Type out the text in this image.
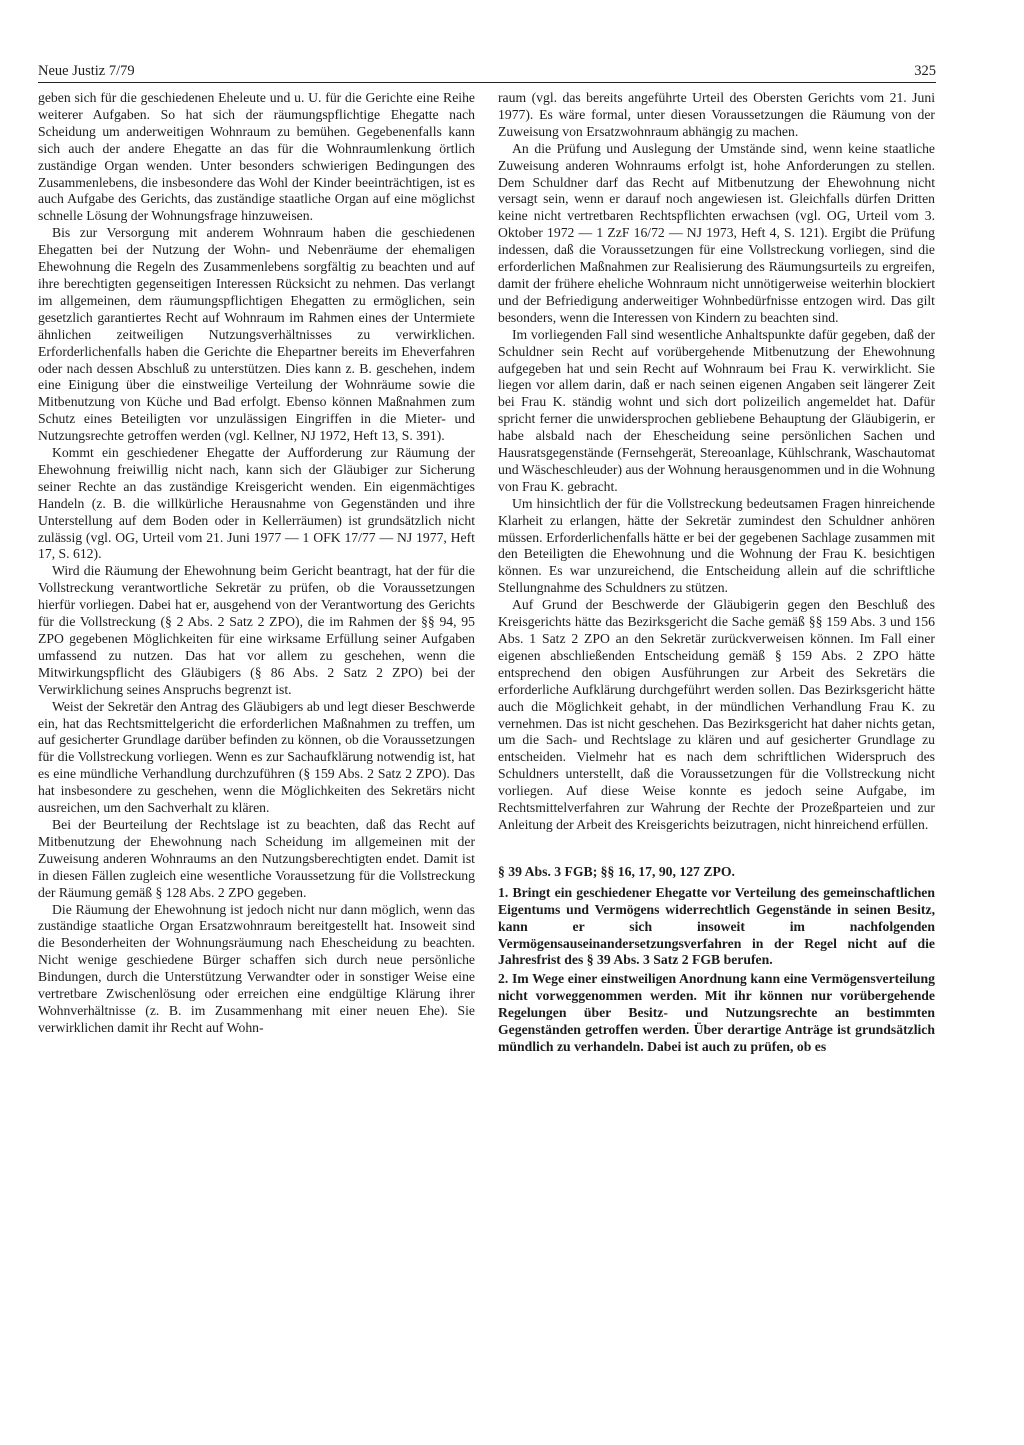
Neue Justiz 7/79	325

geben sich für die geschiedenen Eheleute und u. U. für die Gerichte eine Reihe weiterer Aufgaben. So hat sich der räumungspflichtige Ehegatte nach Scheidung um anderweitigen Wohnraum zu bemühen. Gegebenenfalls kann sich auch der andere Ehegatte an das für die Wohnraumlenkung örtlich zuständige Organ wenden. Unter besonders schwierigen Bedingungen des Zusammenlebens, die insbesondere das Wohl der Kinder beeinträchtigen, ist es auch Aufgabe des Gerichts, das zuständige staatliche Organ auf eine möglichst schnelle Lösung der Wohnungsfrage hinzuweisen.

Bis zur Versorgung mit anderem Wohnraum haben die geschiedenen Ehegatten bei der Nutzung der Wohn- und Nebenräume der ehemaligen Ehewohnung die Regeln des Zusammenlebens sorgfältig zu beachten und auf ihre berechtigten gegenseitigen Interessen Rücksicht zu nehmen. Das verlangt im allgemeinen, dem räumungspflichtigen Ehegatten zu ermöglichen, sein gesetzlich garantiertes Recht auf Wohnraum im Rahmen eines der Untermiete ähnlichen zeitweiligen Nutzungsverhältnisses zu verwirklichen. Erforderlichenfalls haben die Gerichte die Ehepartner bereits im Eheverfahren oder nach dessen Abschluß zu unterstützen. Dies kann z. B. geschehen, indem eine Einigung über die einstweilige Verteilung der Wohnräume sowie die Mitbenutzung von Küche und Bad erfolgt. Ebenso können Maßnahmen zum Schutz eines Beteiligten vor unzulässigen Eingriffen in die Mieter- und Nutzungsrechte getroffen werden (vgl. Kellner, NJ 1972, Heft 13, S. 391).

Kommt ein geschiedener Ehegatte der Aufforderung zur Räumung der Ehewohnung freiwillig nicht nach, kann sich der Gläubiger zur Sicherung seiner Rechte an das zuständige Kreisgericht wenden. Ein eigenmächtiges Handeln (z. B. die willkürliche Herausnahme von Gegenständen und ihre Unterstellung auf dem Boden oder in Kellerräumen) ist grundsätzlich nicht zulässig (vgl. OG, Urteil vom 21. Juni 1977 — 1 OFK 17/77 — NJ 1977, Heft 17, S. 612).

Wird die Räumung der Ehewohnung beim Gericht beantragt, hat der für die Vollstreckung verantwortliche Sekretär zu prüfen, ob die Voraussetzungen hierfür vorliegen. Dabei hat er, ausgehend von der Verantwortung des Gerichts für die Vollstreckung (§ 2 Abs. 2 Satz 2 ZPO), die im Rahmen der §§ 94, 95 ZPO gegebenen Möglichkeiten für eine wirksame Erfüllung seiner Aufgaben umfassend zu nutzen. Das hat vor allem zu geschehen, wenn die Mitwirkungspflicht des Gläubigers (§ 86 Abs. 2 Satz 2 ZPO) bei der Verwirklichung seines Anspruchs begrenzt ist.

Weist der Sekretär den Antrag des Gläubigers ab und legt dieser Beschwerde ein, hat das Rechtsmittelgericht die erforderlichen Maßnahmen zu treffen, um auf gesicherter Grundlage darüber befinden zu können, ob die Voraussetzungen für die Vollstreckung vorliegen. Wenn es zur Sachaufklärung notwendig ist, hat es eine mündliche Verhandlung durchzuführen (§ 159 Abs. 2 Satz 2 ZPO). Das hat insbesondere zu geschehen, wenn die Möglichkeiten des Sekretärs nicht ausreichen, um den Sachverhalt zu klären.

Bei der Beurteilung der Rechtslage ist zu beachten, daß das Recht auf Mitbenutzung der Ehewohnung nach Scheidung im allgemeinen mit der Zuweisung anderen Wohnraums an den Nutzungsberechtigten endet. Damit ist in diesen Fällen zugleich eine wesentliche Voraussetzung für die Vollstreckung der Räumung gemäß § 128 Abs. 2 ZPO gegeben.

Die Räumung der Ehewohnung ist jedoch nicht nur dann möglich, wenn das zuständige staatliche Organ Ersatzwohnraum bereitgestellt hat. Insoweit sind die Besonderheiten der Wohnungsräumung nach Ehescheidung zu beachten. Nicht wenige geschiedene Bürger schaffen sich durch neue persönliche Bindungen, durch die Unterstützung Verwandter oder in sonstiger Weise eine vertretbare Zwischenlösung oder erreichen eine endgültige Klärung ihrer Wohnverhältnisse (z. B. im Zusammenhang mit einer neuen Ehe). Sie verwirklichen damit ihr Recht auf Wohn-

raum (vgl. das bereits angeführte Urteil des Obersten Gerichts vom 21. Juni 1977). Es wäre formal, unter diesen Voraussetzungen die Räumung von der Zuweisung von Ersatzwohnraum abhängig zu machen.

An die Prüfung und Auslegung der Umstände sind, wenn keine staatliche Zuweisung anderen Wohnraums erfolgt ist, hohe Anforderungen zu stellen. Dem Schuldner darf das Recht auf Mitbenutzung der Ehewohnung nicht versagt sein, wenn er darauf noch angewiesen ist. Gleichfalls dürfen Dritten keine nicht vertretbaren Rechtspflichten erwachsen (vgl. OG, Urteil vom 3. Oktober 1972 — 1 ZzF 16/72 — NJ 1973, Heft 4, S. 121). Ergibt die Prüfung indessen, daß die Voraussetzungen für eine Vollstreckung vorliegen, sind die erforderlichen Maßnahmen zur Realisierung des Räumungsurteils zu ergreifen, damit der frühere eheliche Wohnraum nicht unnötigerweise weiterhin blockiert und der Befriedigung anderweitiger Wohnbedürfnisse entzogen wird. Das gilt besonders, wenn die Interessen von Kindern zu beachten sind.

Im vorliegenden Fall sind wesentliche Anhaltspunkte dafür gegeben, daß der Schuldner sein Recht auf vorübergehende Mitbenutzung der Ehewohnung aufgegeben hat und sein Recht auf Wohnraum bei Frau K. verwirklicht. Sie liegen vor allem darin, daß er nach seinen eigenen Angaben seit längerer Zeit bei Frau K. ständig wohnt und sich dort polizeilich angemeldet hat. Dafür spricht ferner die unwidersprochen gebliebene Behauptung der Gläubigerin, er habe alsbald nach der Ehescheidung seine persönlichen Sachen und Hausratsgegenstände (Fernsehgerät, Stereoanlage, Kühlschrank, Waschautomat und Wäscheschleuder) aus der Wohnung herausgenommen und in die Wohnung von Frau K. gebracht.

Um hinsichtlich der für die Vollstreckung bedeutsamen Fragen hinreichende Klarheit zu erlangen, hätte der Sekretär zumindest den Schuldner anhören müssen. Erforderlichenfalls hätte er bei der gegebenen Sachlage zusammen mit den Beteiligten die Ehewohnung und die Wohnung der Frau K. besichtigen können. Es war unzureichend, die Entscheidung allein auf die schriftliche Stellungnahme des Schuldners zu stützen.

Auf Grund der Beschwerde der Gläubigerin gegen den Beschluß des Kreisgerichts hätte das Bezirksgericht die Sache gemäß §§ 159 Abs. 3 und 156 Abs. 1 Satz 2 ZPO an den Sekretär zurückverweisen können. Im Fall einer eigenen abschließenden Entscheidung gemäß § 159 Abs. 2 ZPO hätte entsprechend den obigen Ausführungen zur Arbeit des Sekretärs die erforderliche Aufklärung durchgeführt werden sollen. Das Bezirksgericht hätte auch die Möglichkeit gehabt, in der mündlichen Verhandlung Frau K. zu vernehmen. Das ist nicht geschehen. Das Bezirksgericht hat daher nichts getan, um die Sach- und Rechtslage zu klären und auf gesicherter Grundlage zu entscheiden. Vielmehr hat es nach dem schriftlichen Widerspruch des Schuldners unterstellt, daß die Voraussetzungen für die Vollstreckung nicht vorliegen. Auf diese Weise konnte es jedoch seine Aufgabe, im Rechtsmittelverfahren zur Wahrung der Rechte der Prozeßparteien und zur Anleitung der Arbeit des Kreisgerichts beizutragen, nicht hinreichend erfüllen.

§ 39 Abs. 3 FGB; §§ 16, 17, 90, 127 ZPO.

1. Bringt ein geschiedener Ehegatte vor Verteilung des gemeinschaftlichen Eigentums und Vermögens widerrechtlich Gegenstände in seinen Besitz, kann er sich insoweit im nachfolgenden Vermögensauseinandersetzungsverfahren in der Regel nicht auf die Jahresfrist des § 39 Abs. 3 Satz 2 FGB berufen.

2. Im Wege einer einstweiligen Anordnung kann eine Vermögensverteilung nicht vorweggenommen werden. Mit ihr können nur vorübergehende Regelungen über Besitz- und Nutzungsrechte an bestimmten Gegenständen getroffen werden. Über derartige Anträge ist grundsätzlich mündlich zu verhandeln. Dabei ist auch zu prüfen, ob es
